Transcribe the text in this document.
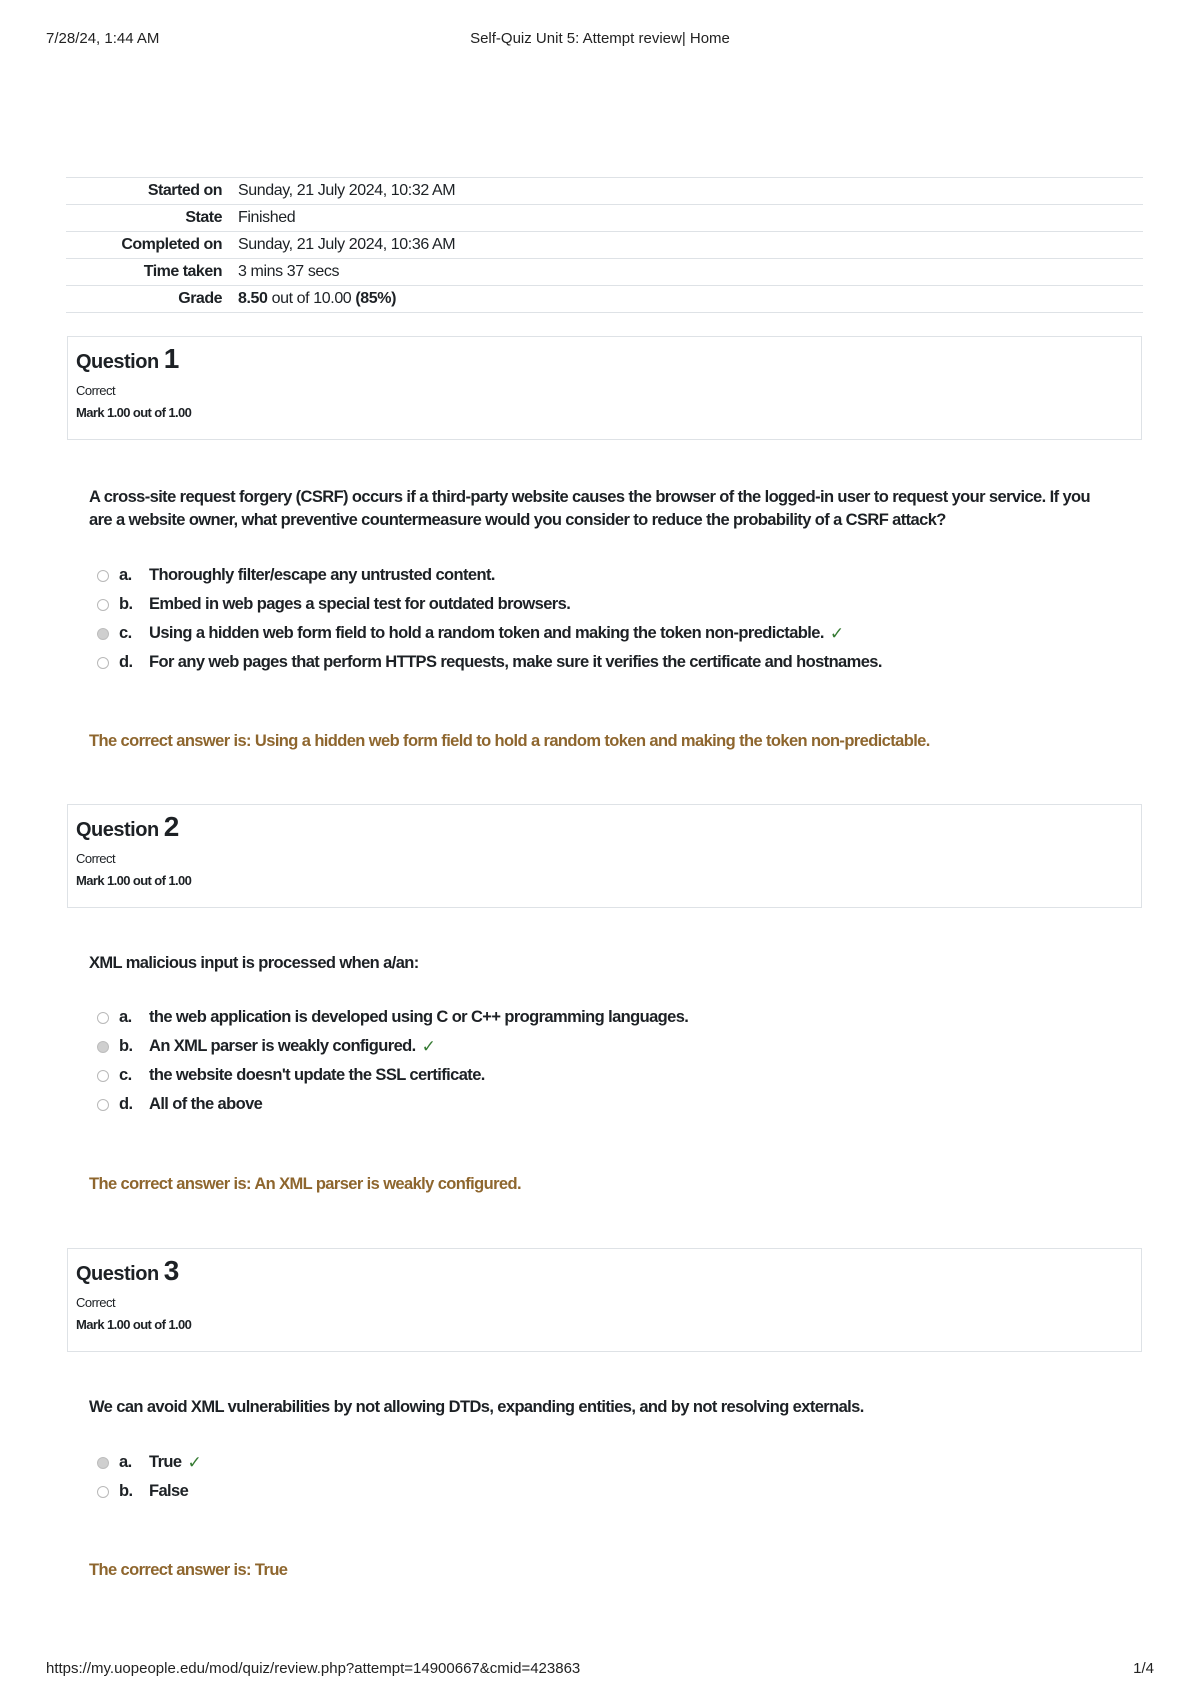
7/28/24, 1:44 AM	Self-Quiz Unit 5: Attempt review| Home
Started on	Sunday, 21 July 2024, 10:32 AM
State	Finished
Completed on	Sunday, 21 July 2024, 10:36 AM
Time taken	3 mins 37 secs
Grade	8.50 out of 10.00 (85%)
Question 1
Correct
Mark 1.00 out of 1.00
A cross-site request forgery (CSRF) occurs if a third-party website causes the browser of the logged-in user to request your service. If you are a website owner, what preventive countermeasure would you consider to reduce the probability of a CSRF attack?
a.	Thoroughly filter/escape any untrusted content.
b.	Embed in web pages a special test for outdated browsers.
c.	Using a hidden web form field to hold a random token and making the token non-predictable. ✓
d.	For any web pages that perform HTTPS requests, make sure it verifies the certificate and hostnames.
The correct answer is: Using a hidden web form field to hold a random token and making the token non-predictable.
Question 2
Correct
Mark 1.00 out of 1.00
XML malicious input is processed when a/an:
a.	the web application is developed using C or C++ programming languages.
b.	An XML parser is weakly configured. ✓
c.	the website doesn't update the SSL certificate.
d.	All of the above
The correct answer is: An XML parser is weakly configured.
Question 3
Correct
Mark 1.00 out of 1.00
We can avoid XML vulnerabilities by not allowing DTDs, expanding entities, and by not resolving externals.
a.	True ✓
b.	False
The correct answer is: True
https://my.uopeople.edu/mod/quiz/review.php?attempt=14900667&cmid=423863	1/4
